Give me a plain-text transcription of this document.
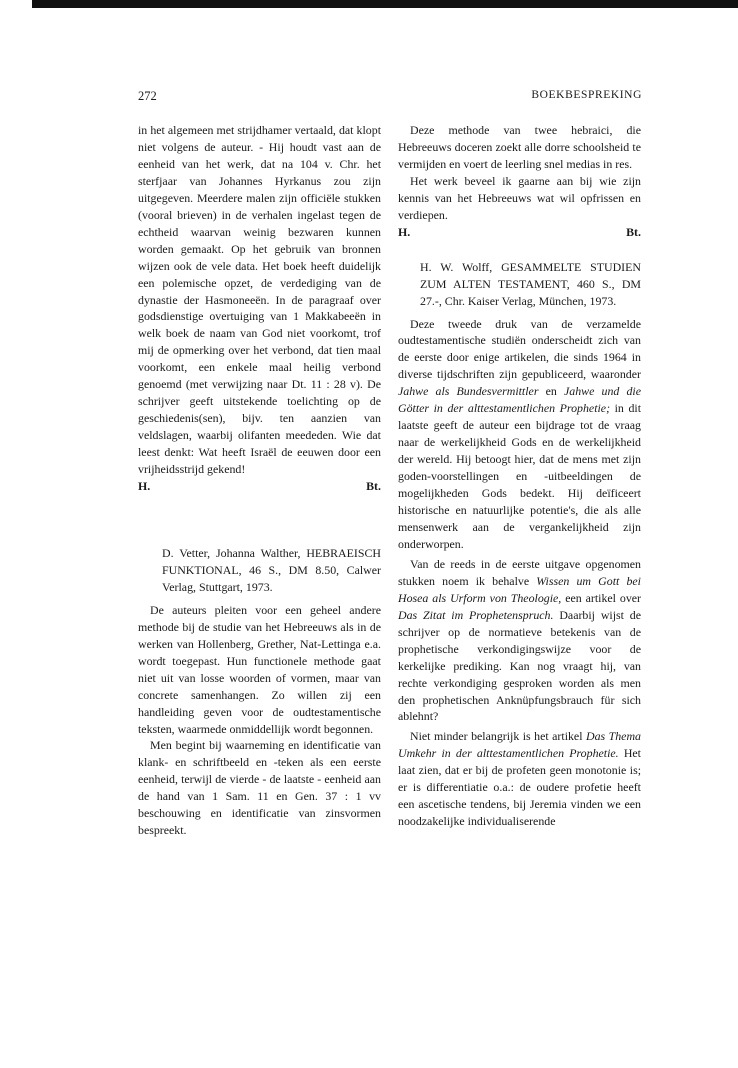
272	BOEKBESPREKING

in het algemeen met strijdhamer vertaald, dat klopt niet volgens de auteur. - Hij houdt vast aan de eenheid van het werk, dat na 104 v. Chr. het sterfjaar van Johannes Hyrkanus zou zijn uitgegeven. Meerdere malen zijn officiële stukken (vooral brieven) in de verhalen ingelast tegen de echtheid waarvan weinig bezwaren kunnen worden gemaakt. Op het gebruik van bronnen wijzen ook de vele data. Het boek heeft duidelijk een polemische opzet, de verdediging van de dynastie der Hasmoneeën. In de paragraaf over godsdienstige overtuiging van 1 Makkabeeën in welk boek de naam van God niet voorkomt, trof mij de opmerking over het verbond, dat tien maal voorkomt, een enkele maal heilig verbond genoemd (met verwijzing naar Dt. 11 : 28 v). De schrijver geeft uitstekende toelichting op de geschiedenis(sen), bijv. ten aanzien van veldslagen, waarbij olifanten meededen. Wie dat leest denkt: Wat heeft Israël de eeuwen door een vrijheidsstrijd gekend!

H.	Bt.
D. Vetter, Johanna Walther, HEBRAEISCH FUNKTIONAL, 46 S., DM 8.50, Calwer Verlag, Stuttgart, 1973.

De auteurs pleiten voor een geheel andere methode bij de studie van het Hebreeuws als in de werken van Hollenberg, Grether, Nat-Lettinga e.a. wordt toegepast. Hun functionele methode gaat niet uit van losse woorden of vormen, maar van concrete samenhangen. Zo willen zij een handleiding geven voor de oudtestamentische teksten, waarmede onmiddellijk wordt begonnen.

Men begint bij waarneming en identificatie van klank- en schriftbeeld en -teken als een eerste eenheid, terwijl de vierde - de laatste - eenheid aan de hand van 1 Sam. 11 en Gen. 37 : 1 vv beschouwing en identificatie van zinsvormen bespreekt.

Deze methode van twee hebraici, die Hebreeuws doceren zoekt alle dorre schoolsheid te vermijden en voert de leerling snel medias in res.

Het werk beveel ik gaarne aan bij wie zijn kennis van het Hebreeuws wat wil opfrissen en verdiepen.

H.	Bt.
H. W. Wolff, GESAMMELTE STUDIEN ZUM ALTEN TESTAMENT, 460 S., DM 27.-, Chr. Kaiser Verlag, München, 1973.

Deze tweede druk van de verzamelde oudtestamentische studiën onderscheidt zich van de eerste door enige artikelen, die sinds 1964 in diverse tijdschriften zijn gepubliceerd, waaronder Jahwe als Bundesvermittler en Jahwe und die Götter in der alttestamentlichen Prophetie; in dit laatste geeft de auteur een bijdrage tot de vraag naar de werkelijkheid Gods en de werkelijkheid der wereld. Hij betoogt hier, dat de mens met zijn goden-voorstellingen en -uitbeeldingen de mogelijkheden Gods bedekt. Hij deïficeert historische en natuurlijke potentie's, die als alle mensenwerk aan de vergankelijkheid zijn onderworpen.

Van de reeds in de eerste uitgave opgenomen stukken noem ik behalve Wissen um Gott bei Hosea als Urform von Theologie, een artikel over Das Zitat im Prophetenspruch. Daarbij wijst de schrijver op de normatieve betekenis van de prophetische verkondigingswijze voor de kerkelijke prediking. Kan nog vraagt hij, van rechte verkondiging gesproken worden als men den prophetischen Anknüpfungsbrauch für sich ablehnt?

Niet minder belangrijk is het artikel Das Thema Umkehr in der alttestamentlichen Prophetie. Het laat zien, dat er bij de profeten geen monotonie is; er is differentiatie o.a.: de oudere profetie heeft een ascetische tendens, bij Jeremia vinden we een noodzakelijke individualiserende
